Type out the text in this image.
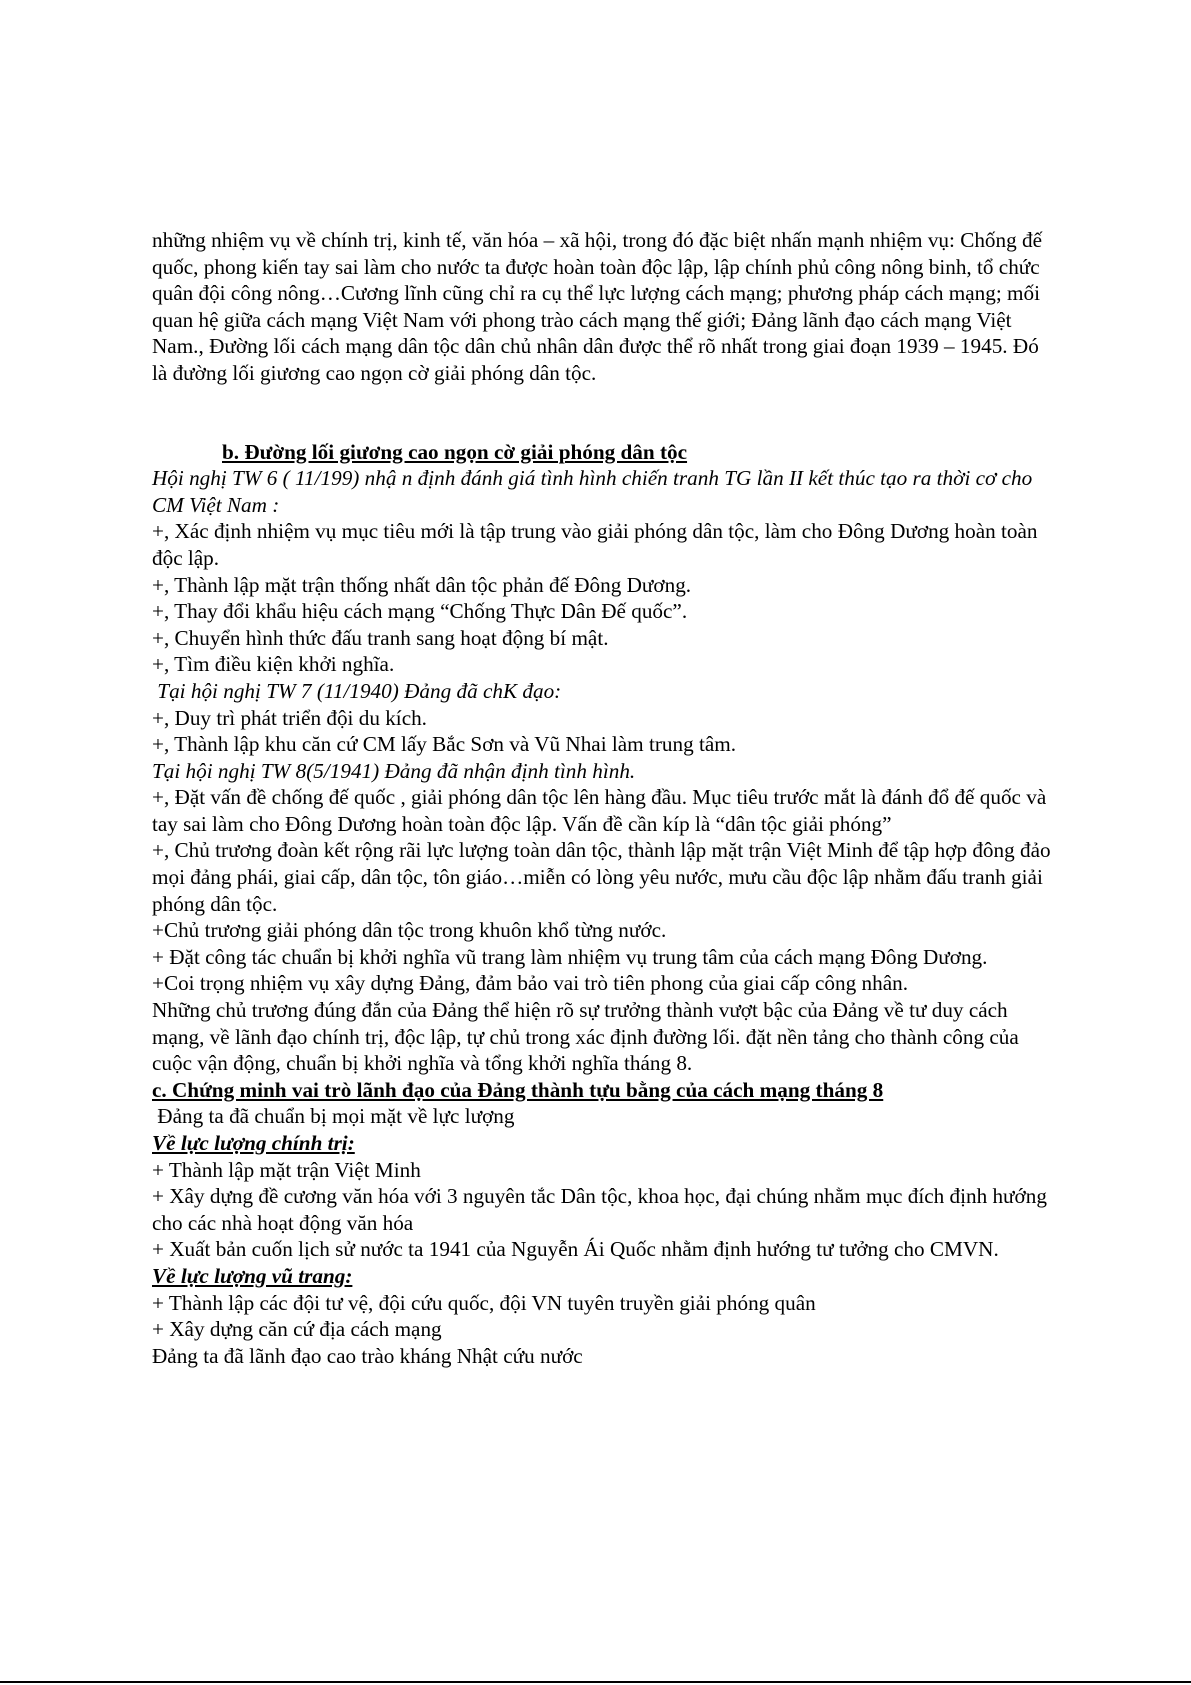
những nhiệm vụ về chính trị, kinh tế, văn hóa – xã hội, trong đó đặc biệt nhấn mạnh nhiệm vụ: Chống đế quốc, phong kiến tay sai làm cho nước ta được hoàn toàn độc lập, lập chính phủ công nông binh, tổ chức quân đội công nông…Cương lĩnh cũng chỉ ra cụ thể lực lượng cách mạng; phương pháp cách mạng; mối quan hệ giữa cách mạng Việt Nam với phong trào cách mạng thế giới; Đảng lãnh đạo cách mạng Việt Nam., Đường lối cách mạng dân tộc dân chủ nhân dân được thể rõ nhất trong giai đoạn 1939 – 1945. Đó là đường lối giương cao ngọn cờ giải phóng dân tộc.

b. Đường lối giương cao ngọn cờ giải phóng dân tộc
Hội nghị TW 6 ( 11/199) nhậ n định đánh giá tình hình chiến tranh TG lần II kết thúc tạo ra thời cơ cho CM Việt Nam :
+, Xác định nhiệm vụ mục tiêu mới là tập trung vào giải phóng dân tộc, làm cho Đông Dương hoàn toàn độc lập.
+, Thành lập mặt trận thống nhất dân tộc phản đế Đông Dương.
+, Thay đổi khẩu hiệu cách mạng “Chống Thực Dân Đế quốc”.
+, Chuyển hình thức đấu tranh sang hoạt động bí mật.
+, Tìm điều kiện khởi nghĩa.
Tại hội nghị TW 7 (11/1940) Đảng đã chK đạo:
+, Duy trì phát triển đội du kích.
+, Thành lập khu căn cứ CM lấy Bắc Sơn và Vũ Nhai làm trung tâm.
Tại hội nghị TW 8(5/1941) Đảng đã nhận định tình hình.
+, Đặt vấn đề chống đế quốc , giải phóng dân tộc lên hàng đầu. Mục tiêu trước mắt là đánh đổ đế quốc và tay sai làm cho Đông Dương hoàn toàn độc lập. Vấn đề cần kíp là “dân tộc giải phóng”
+, Chủ trương đoàn kết rộng rãi lực lượng toàn dân tộc, thành lập mặt trận Việt Minh để tập hợp đông đảo mọi đảng phái, giai cấp, dân tộc, tôn giáo…miễn có lòng yêu nước, mưu cầu độc lập nhằm đấu tranh giải phóng dân tộc.
+Chủ trương giải phóng dân tộc trong khuôn khổ từng nước.
+ Đặt công tác chuẩn bị khởi nghĩa vũ trang làm nhiệm vụ trung tâm của cách mạng Đông Dương.
+Coi trọng nhiệm vụ xây dựng Đảng, đảm bảo vai trò tiên phong của giai cấp công nhân.
Những chủ trương đúng đắn của Đảng thể hiện rõ sự trưởng thành vượt bậc của Đảng về tư duy cách mạng, về lãnh đạo chính trị, độc lập, tự chủ trong xác định đường lối. đặt nền tảng cho thành công của cuộc vận động, chuẩn bị khởi nghĩa và tổng khởi nghĩa tháng 8.
c. Chứng minh vai trò lãnh đạo của Đảng thành tựu bằng của cách mạng tháng 8
Đảng ta đã chuẩn bị mọi mặt về lực lượng
Về lực lượng chính trị:
+ Thành lập mặt trận Việt Minh
+ Xây dựng đề cương văn hóa với 3 nguyên tắc Dân tộc, khoa học, đại chúng nhằm mục đích định hướng cho các nhà hoạt động văn hóa
+ Xuất bản cuốn lịch sử nước ta 1941 của Nguyễn Ái Quốc nhằm định hướng tư tưởng cho CMVN.
Về lực lượng vũ trang:
+ Thành lập các đội tư vệ, đội cứu quốc, đội VN tuyên truyền giải phóng quân
+ Xây dựng căn cứ địa cách mạng
Đảng ta đã lãnh đạo cao trào kháng Nhật cứu nước
